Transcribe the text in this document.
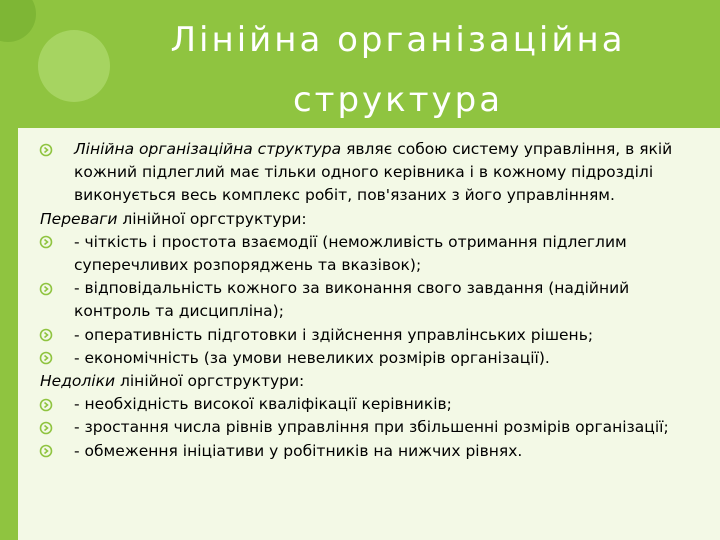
Лінійна організаційна
структура
Лінійна організаційна структура являє собою систему управління, в якій кожний підлеглий має тільки одного керівника і в кожному підрозділі виконується весь комплекс робіт, пов'язаних з його управлінням.
Переваги лінійної оргструктури:
- чіткість і простота взаємодії (неможливість отримання підлеглим суперечливих розпоряджень та вказівок);
- відповідальність кожного за виконання свого завдання (надійний контроль та дисципліна);
- оперативність підготовки і здійснення управлінських рішень;
- економічність (за умови невеликих розмірів організації).
Недоліки лінійної оргструктури:
- необхідність високої кваліфікації керівників;
- зростання числа рівнів управління при збільшенні розмірів організації;
- обмеження ініціативи у робітників на нижчих рівнях.
